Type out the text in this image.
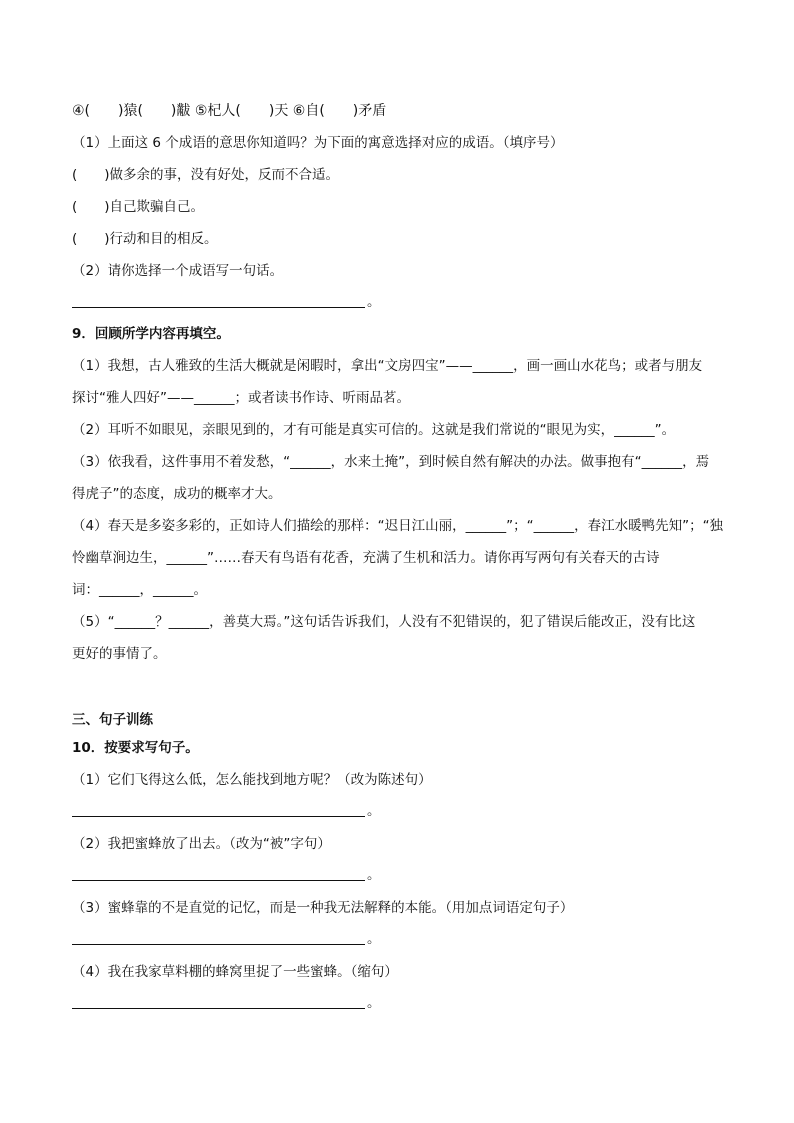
④(　　)猿(　　)黻 ⑤杞人(　　)天 ⑥自(　　)矛盾
（1）上面这 6 个成语的意思你知道吗？为下面的寓意选择对应的成语。（填序号）
(　　)做多余的事，没有好处，反而不合适。
(　　)自己欺骗自己。
(　　)行动和目的相反。
（2）请你选择一个成语写一句话。
。
9．回顾所学内容再填空。
（1）我想，古人雅致的生活大概就是闲暇时，拿出“文房四宝”——______，画一画山水花鸟；或者与朋友
探讨“雅人四好”——______；或者读书作诗、听雨品茗。
（2）耳听不如眼见，亲眼见到的，才有可能是真实可信的。这就是我们常说的“眼见为实，______”。
（3）依我看，这件事用不着发愁，“______，水来土掩”，到时候自然有解决的办法。做事抱有“______，焉
得虎子”的态度，成功的概率才大。
（4）春天是多姿多彩的，正如诗人们描绘的那样：“迟日江山丽，______”；“______，春江水暖鸭先知”；“独
怜幽草涧边生，______”……春天有鸟语有花香，充满了生机和活力。请你再写两句有关春天的古诗
词：______，______。
（5）“______？______，善莫大焉。”这句话告诉我们，人没有不犯错误的，犯了错误后能改正，没有比这
更好的事情了。
三、句子训练
10．按要求写句子。
（1）它们飞得这么低，怎么能找到地方呢？（改为陈述句）
。
（2）我把蜜蜂放了出去。（改为“被”字句）
。
（3）蜜蜂靠的不是直觉的记忆，而是一种我无法解释的本能。（用加点词语定句子）
。
（4）我在我家草料棚的蜂窝里捉了一些蜜蜂。（缩句）
。
